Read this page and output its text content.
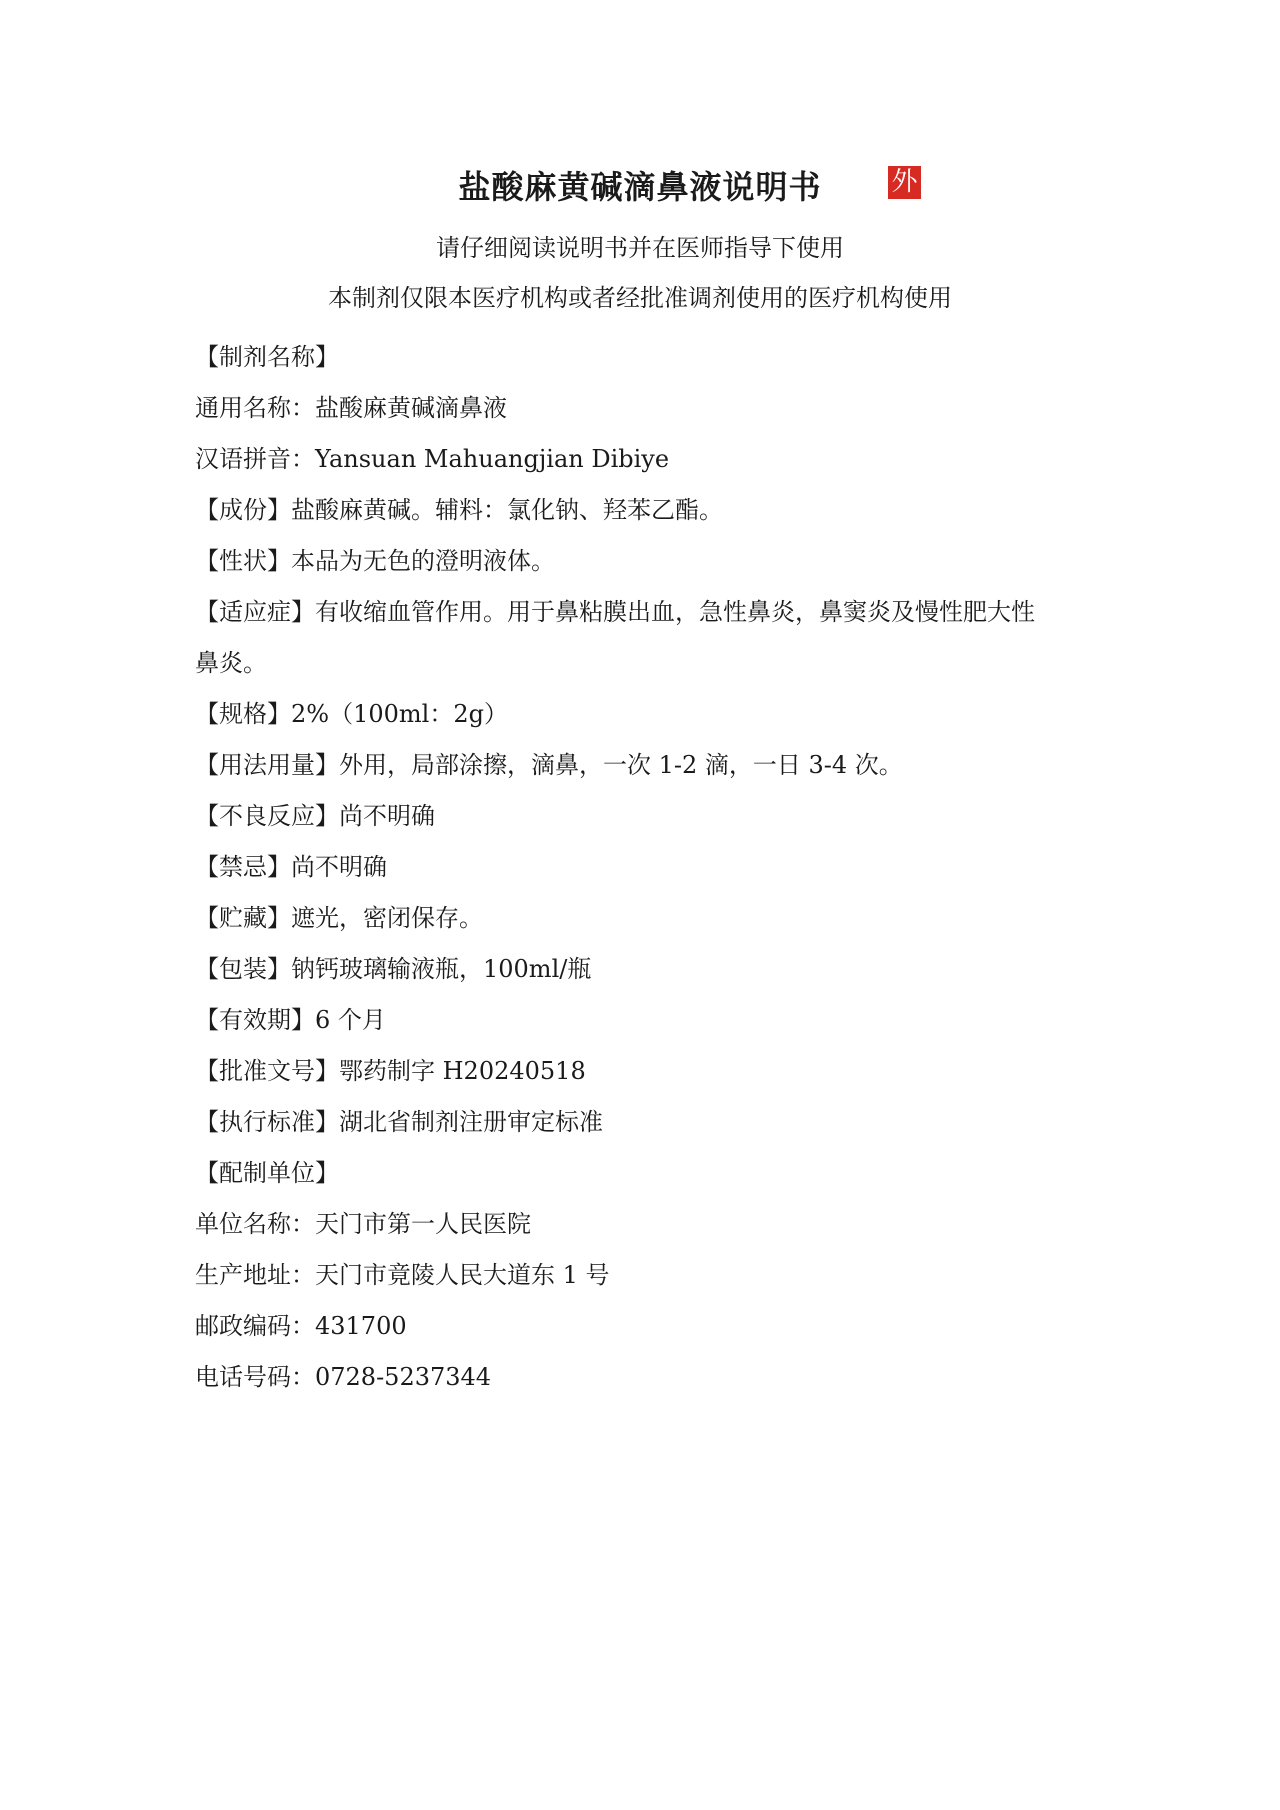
盐酸麻黄碱滴鼻液说明书	外
请仔细阅读说明书并在医师指导下使用
本制剂仅限本医疗机构或者经批准调剂使用的医疗机构使用
【制剂名称】
通用名称：盐酸麻黄碱滴鼻液
汉语拼音：Yansuan Mahuangjian Dibiye
【成份】盐酸麻黄碱。辅料：氯化钠、羟苯乙酯。
【性状】本品为无色的澄明液体。
【适应症】有收缩血管作用。用于鼻粘膜出血，急性鼻炎，鼻窦炎及慢性肥大性
鼻炎。
【规格】2%（100ml：2g）
【用法用量】外用，局部涂擦，滴鼻，一次 1-2 滴，一日 3-4 次。
【不良反应】尚不明确
【禁忌】尚不明确
【贮藏】遮光，密闭保存。
【包装】钠钙玻璃输液瓶，100ml/瓶
【有效期】6 个月
【批准文号】鄂药制字 H20240518
【执行标准】湖北省制剂注册审定标准
【配制单位】
单位名称：天门市第一人民医院
生产地址：天门市竟陵人民大道东 1 号
邮政编码：431700
电话号码：0728-5237344
